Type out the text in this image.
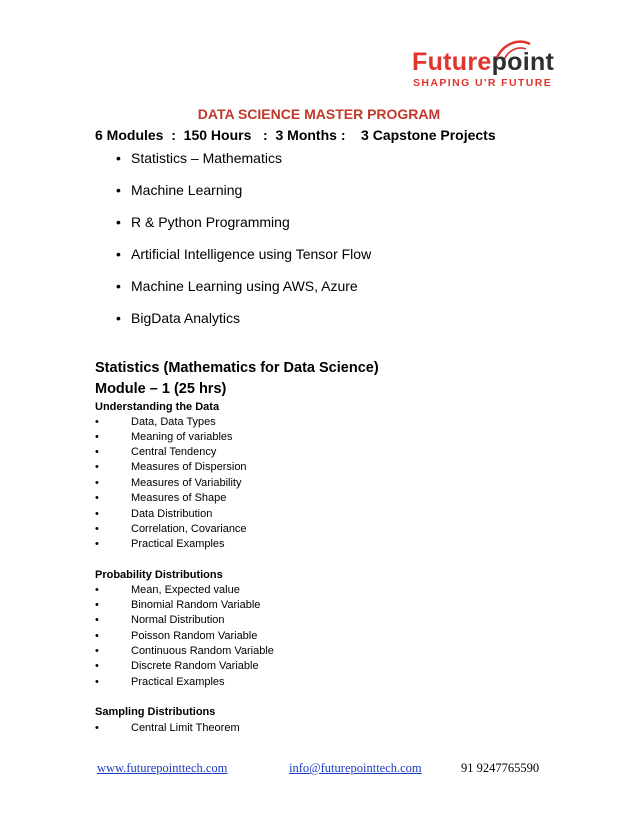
Futurepoint
SHAPING U'R FUTURE
DATA SCIENCE MASTER PROGRAM
6 Modules  :  150 Hours   :  3 Months :    3 Capstone Projects
• Statistics – Mathematics
• Machine Learning
• R & Python Programming
• Artificial Intelligence using Tensor Flow
• Machine Learning using AWS, Azure
• BigData Analytics
Statistics (Mathematics for Data Science)
Module – 1 (25 hrs)
Understanding the Data
•	Data, Data Types
•	Meaning of variables
•	Central Tendency
•	Measures of Dispersion
•	Measures of Variability
•	Measures of Shape
•	Data Distribution
•	Correlation, Covariance
•	Practical Examples
Probability Distributions
•	Mean, Expected value
•	Binomial Random Variable
•	Normal Distribution
•	Poisson Random Variable
•	Continuous Random Variable
•	Discrete Random Variable
•	Practical Examples
Sampling Distributions
•	Central Limit Theorem
www.futurepointtech.com	info@futurepointtech.com	91 9247765590
